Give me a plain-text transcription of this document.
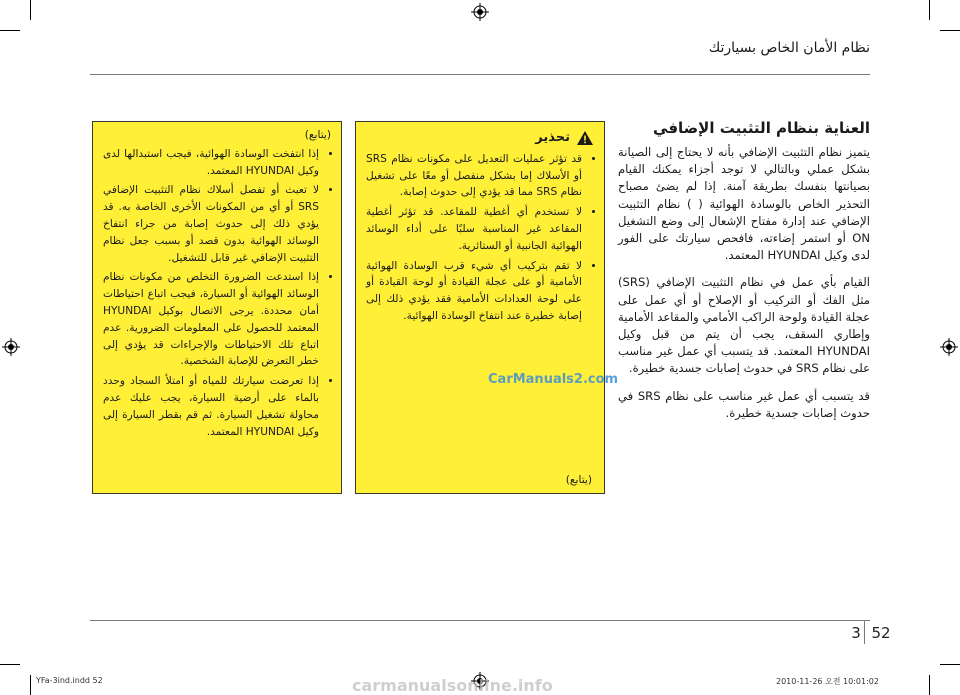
نظام الأمان الخاص بسيارتك
العناية بنظام التثبيت الإضافي

يتميز نظام التثبيت الإضافي بأنه لا يحتاج إلى الصيانة بشكل عملي وبالتالي لا توجد أجزاء يمكنك القيام بصيانتها بنفسك بطريقة آمنة. إذا لم يضئ مصباح التحذير الخاص بالوسادة الهوائية ( ) نظام التثبيت الإضافي عند إدارة مفتاح الإشعال إلى وضع التشغيل ON أو استمر إضاءته، فافحص سيارتك على الفور لدى وكيل HYUNDAI المعتمد.

القيام بأي عمل في نظام التثبيت الإضافي (SRS) مثل الفك أو التركيب أو الإصلاح أو أي عمل على عجلة القيادة ولوحة الراكب الأمامي والمقاعد الأمامية وإطاري السقف، يجب أن يتم من قبل وكيل HYUNDAI المعتمد. قد يتسبب أي عمل غير مناسب على نظام SRS في حدوث إصابات جسدية خطيرة.

قد يتسبب أي عمل غير مناسب على نظام SRS في حدوث إصابات جسدية خطيرة.

تحذير
• قد تؤثر عمليات التعديل على مكونات نظام SRS أو الأسلاك إما بشكل منفصل أو معًا على تشغيل نظام SRS مما قد يؤدي إلى حدوث إصابة.
• لا تستخدم أي أغطية للمقاعد. قد تؤثر أغطية المقاعد غير المناسبة سلبًا على أداء الوسائد الهوائية الجانبية أو الستائرية.
• لا تقم بتركيب أي شيء قرب الوسادة الهوائية الأمامية أو على عجلة القيادة أو لوحة القيادة أو على لوحة العدادات الأمامية فقد يؤدي ذلك إلى إصابة خطيرة عند انتفاخ الوسادة الهوائية.
(يتابع)
(يتابع)
• إذا انتفخت الوسادة الهوائية، فيجب استبدالها لدى وكيل HYUNDAI المعتمد.
• لا تعبث أو تفصل أسلاك نظام التثبيت الإضافي SRS أو أي من المكونات الأخرى الخاصة به. قد يؤدي ذلك إلى حدوث إصابة من جراء انتفاخ الوسائد الهوائية بدون قصد أو بسبب جعل نظام التثبيت الإضافي غير قابل للتشغيل.
• إذا استدعت الضرورة التخلص من مكونات نظام الوسائد الهوائية أو السيارة، فيجب اتباع احتياطات أمان محددة. يرجى الاتصال بوكيل HYUNDAI المعتمد للحصول على المعلومات الضرورية. عدم اتباع تلك الاحتياطات والإجراءات قد يؤدي إلى خطر التعرض للإصابة الشخصية.
• إذا تعرضت سيارتك للمياه أو امتلأ السجاد وحدد بالماء على أرضية السيارة، يجب عليك عدم محاولة تشغيل السيارة. ثم قم بقطر السيارة إلى وكيل HYUNDAI المعتمد.
CarManuals2.com
carmanualsonline.info
3 52
YFa-3ind.indd 52	2010-11-26 오전 10:01:02
